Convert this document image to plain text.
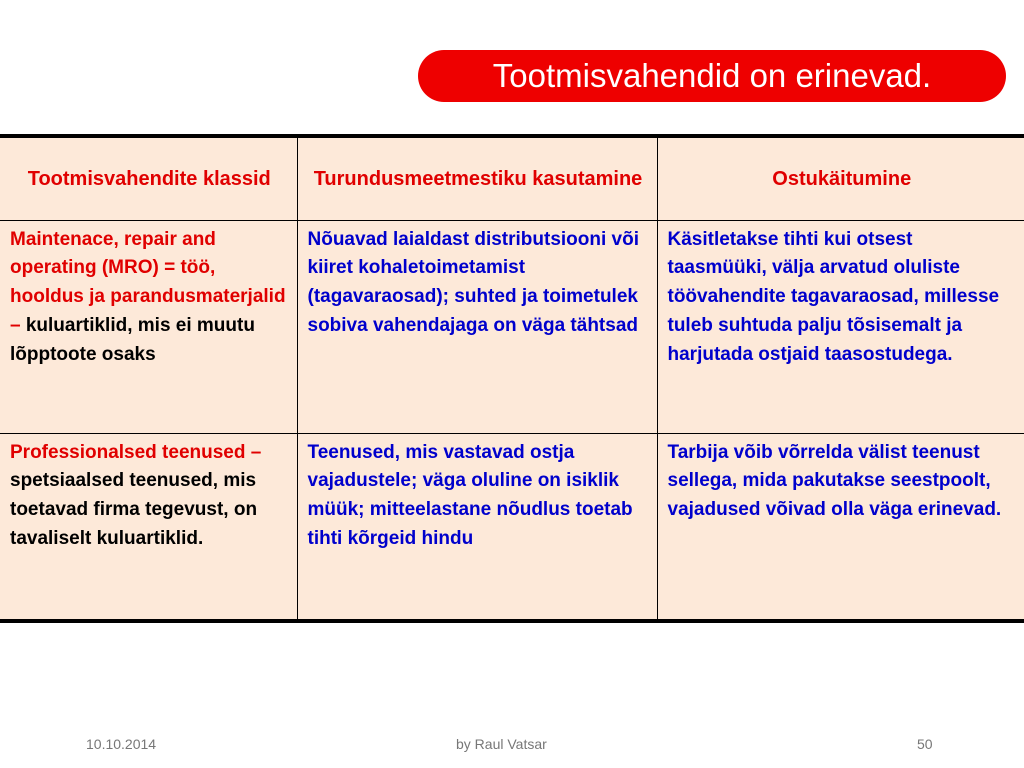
Tootmisvahendid on erinevad.
Tootmisvahendite klassid	Turundusmeetmestiku kasutamine	Ostukäitumine
Maintenace, repair and operating (MRO) = töö, hooldus ja parandusmaterjalid – kuluartiklid, mis ei muutu lõpptoote osaks	Nõuavad laialdast distributsiooni või kiiret kohaletoimetamist (tagavaraosad); suhted ja toimetulek sobiva vahendajaga on väga tähtsad	Käsitletakse tihti kui otsest taasmüüki, välja arvatud oluliste töövahendite tagavaraosad, millesse tuleb suhtuda palju tõsisemalt ja harjutada ostjaid taasostudega.
Professionalsed teenused – spetsiaalsed teenused, mis toetavad firma tegevust, on tavaliselt kuluartiklid.	Teenused, mis vastavad ostja vajadustele; väga oluline on isiklik müük; mitteelastane nõudlus toetab tihti kõrgeid hindu	Tarbija võib võrrelda välist teenust sellega, mida pakutakse seestpoolt, vajadused võivad olla väga erinevad.
10.10.2014	by Raul Vatsar	50
